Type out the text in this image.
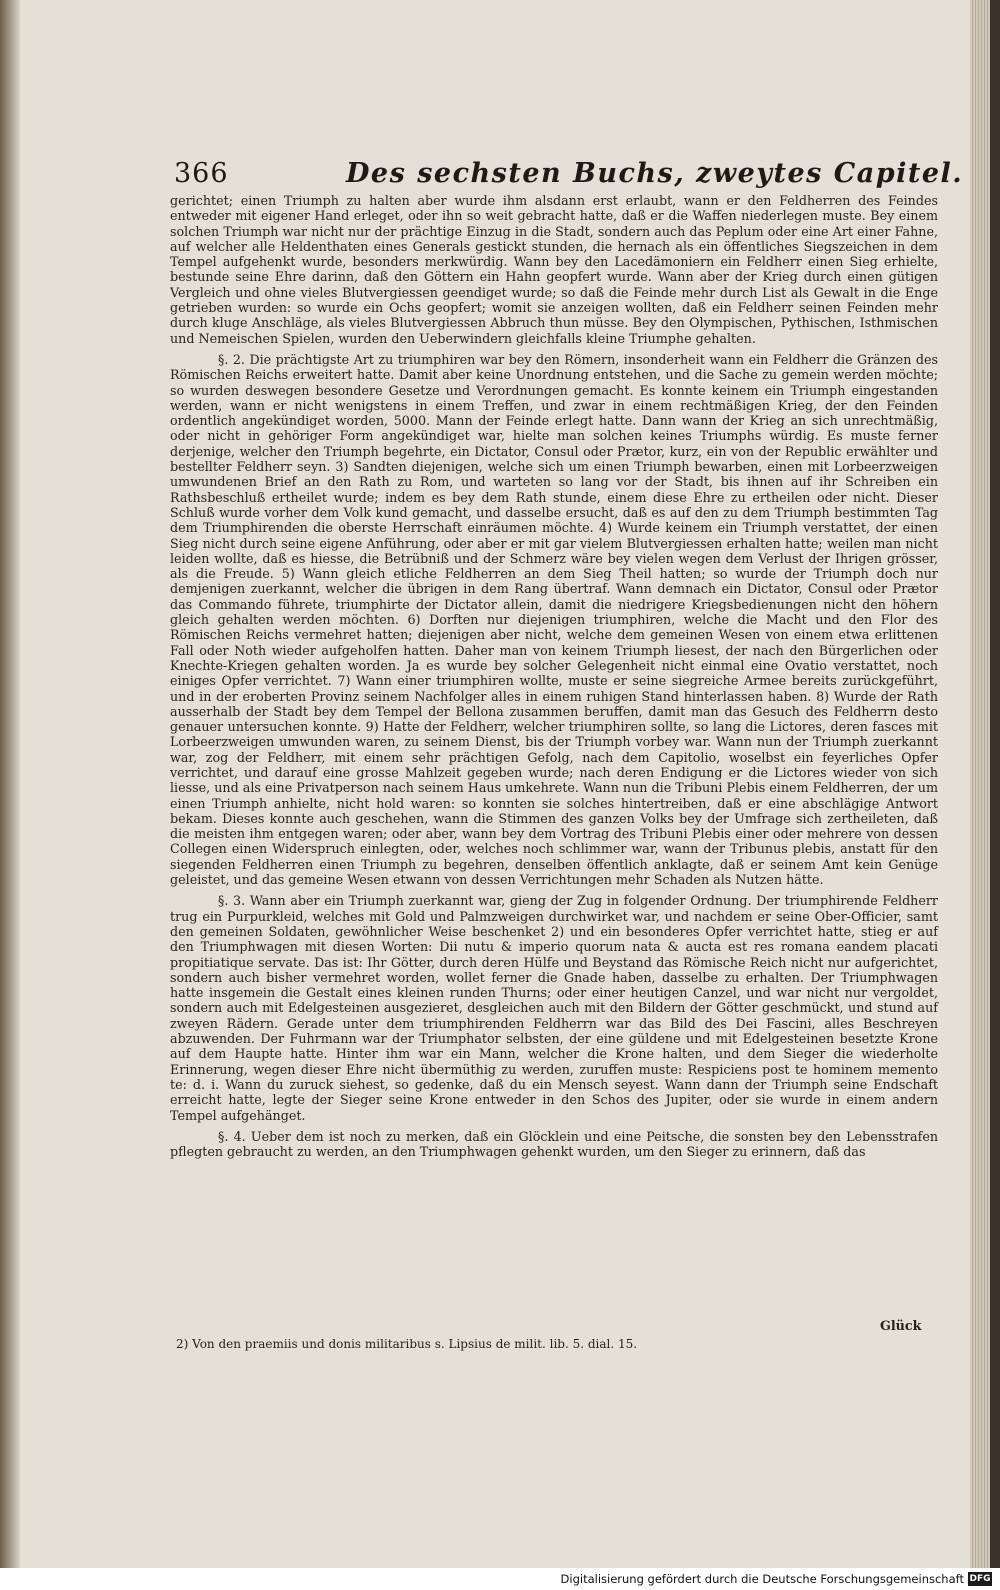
366	Des sechsten Buchs, zweytes Capitel.

gerichtet; einen Triumph zu halten aber wurde ihm alsdann erst erlaubt, wann er den Feldherren des Feindes entweder mit eigener Hand erleget, oder ihn so weit gebracht hatte, daß er die Waffen niederlegen muste. Bey einem solchen Triumph war nicht nur der prächtige Einzug in die Stadt, sondern auch das Peplum oder eine Art einer Fahne, auf welcher alle Heldenthaten eines Generals gestickt stunden, die hernach als ein öffentliches Siegszeichen in dem Tempel aufgehenkt wurde, besonders merkwürdig. Wann bey den Lacedämoniern ein Feldherr einen Sieg erhielte, bestunde seine Ehre darinn, daß den Göttern ein Hahn geopfert wurde. Wann aber der Krieg durch einen gütigen Vergleich und ohne vieles Blutvergiessen geendiget wurde; so daß die Feinde mehr durch List als Gewalt in die Enge getrieben wurden: so wurde ein Ochs geopfert; womit sie anzeigen wollten, daß ein Feldherr seinen Feinden mehr durch kluge Anschläge, als vieles Blutvergiessen Abbruch thun müsse. Bey den Olympischen, Pythischen, Isthmischen und Nemeischen Spielen, wurden den Ueberwindern gleichfalls kleine Triumphe gehalten.

§. 2. Die prächtigste Art zu triumphiren war bey den Römern, insonderheit wann ein Feldherr die Gränzen des Römischen Reichs erweitert hatte. Damit aber keine Unordnung entstehen, und die Sache zu gemein werden möchte; so wurden deswegen besondere Gesetze und Verordnungen gemacht. Es konnte keinem ein Triumph eingestanden werden, wann er nicht wenigstens in einem Treffen, und zwar in einem rechtmäßigen Krieg, der den Feinden ordentlich angekündiget worden, 5000. Mann der Feinde erlegt hatte. Dann wann der Krieg an sich unrechtmäßig, oder nicht in gehöriger Form angekündiget war, hielte man solchen keines Triumphs würdig. Es muste ferner derjenige, welcher den Triumph begehrte, ein Dictator, Consul oder Prætor, kurz, ein von der Republic erwählter und bestellter Feldherr seyn. 3) Sandten diejenigen, welche sich um einen Triumph bewarben, einen mit Lorbeerzweigen umwundenen Brief an den Rath zu Rom, und warteten so lang vor der Stadt, bis ihnen auf ihr Schreiben ein Rathsbeschluß ertheilet wurde; indem es bey dem Rath stunde, einem diese Ehre zu ertheilen oder nicht. Dieser Schluß wurde vorher dem Volk kund gemacht, und dasselbe ersucht, daß es auf den zu dem Triumph bestimmten Tag dem Triumphirenden die oberste Herrschaft einräumen möchte. 4) Wurde keinem ein Triumph verstattet, der einen Sieg nicht durch seine eigene Anführung, oder aber er mit gar vielem Blutvergiessen erhalten hatte; weilen man nicht leiden wollte, daß es hiesse, die Betrübniß und der Schmerz wäre bey vielen wegen dem Verlust der Ihrigen grösser, als die Freude. 5) Wann gleich etliche Feldherren an dem Sieg Theil hatten; so wurde der Triumph doch nur demjenigen zuerkannt, welcher die übrigen in dem Rang übertraf. Wann demnach ein Dictator, Consul oder Prætor das Commando führete, triumphirte der Dictator allein, damit die niedrigere Kriegsbedienungen nicht den höhern gleich gehalten werden möchten. 6) Dorften nur diejenigen triumphiren, welche die Macht und den Flor des Römischen Reichs vermehret hatten; diejenigen aber nicht, welche dem gemeinen Wesen von einem etwa erlittenen Fall oder Noth wieder aufgeholfen hatten. Daher man von keinem Triumph liesest, der nach den Bürgerlichen oder Knechte-Kriegen gehalten worden. Ja es wurde bey solcher Gelegenheit nicht einmal eine Ovatio verstattet, noch einiges Opfer verrichtet. 7) Wann einer triumphiren wollte, muste er seine siegreiche Armee bereits zurückgeführt, und in der eroberten Provinz seinem Nachfolger alles in einem ruhigen Stand hinterlassen haben. 8) Wurde der Rath ausserhalb der Stadt bey dem Tempel der Bellona zusammen beruffen, damit man das Gesuch des Feldherrn desto genauer untersuchen konnte. 9) Hatte der Feldherr, welcher triumphiren sollte, so lang die Lictores, deren fasces mit Lorbeerzweigen umwunden waren, zu seinem Dienst, bis der Triumph vorbey war. Wann nun der Triumph zuerkannt war, zog der Feldherr, mit einem sehr prächtigen Gefolg, nach dem Capitolio, woselbst ein feyerliches Opfer verrichtet, und darauf eine grosse Mahlzeit gegeben wurde; nach deren Endigung er die Lictores wieder von sich liesse, und als eine Privatperson nach seinem Haus umkehrete. Wann nun die Tribuni Plebis einem Feldherren, der um einen Triumph anhielte, nicht hold waren: so konnten sie solches hintertreiben, daß er eine abschlägige Antwort bekam. Dieses konnte auch geschehen, wann die Stimmen des ganzen Volks bey der Umfrage sich zertheileten, daß die meisten ihm entgegen waren; oder aber, wann bey dem Vortrag des Tribuni Plebis einer oder mehrere von dessen Collegen einen Widerspruch einlegten, oder, welches noch schlimmer war, wann der Tribunus plebis, anstatt für den siegenden Feldherren einen Triumph zu begehren, denselben öffentlich anklagte, daß er seinem Amt kein Genüge geleistet, und das gemeine Wesen etwann von dessen Verrichtungen mehr Schaden als Nutzen hätte.

§. 3. Wann aber ein Triumph zuerkannt war, gieng der Zug in folgender Ordnung. Der triumphirende Feldherr trug ein Purpurkleid, welches mit Gold und Palmzweigen durchwirket war, und nachdem er seine Ober-Officier, samt den gemeinen Soldaten, gewöhnlicher Weise beschenket 2) und ein besonderes Opfer verrichtet hatte, stieg er auf den Triumphwagen mit diesen Worten: Dii nutu & imperio quorum nata & aucta est res romana eandem placati propitiatique servate. Das ist: Ihr Götter, durch deren Hülfe und Beystand das Römische Reich nicht nur aufgerichtet, sondern auch bisher vermehret worden, wollet ferner die Gnade haben, dasselbe zu erhalten. Der Triumphwagen hatte insgemein die Gestalt eines kleinen runden Thurns; oder einer heutigen Canzel, und war nicht nur vergoldet, sondern auch mit Edelgesteinen ausgezieret, desgleichen auch mit den Bildern der Götter geschmückt, und stund auf zweyen Rädern. Gerade unter dem triumphirenden Feldherrn war das Bild des Dei Fascini, alles Beschreyen abzuwenden. Der Fuhrmann war der Triumphator selbsten, der eine güldene und mit Edelgesteinen besetzte Krone auf dem Haupte hatte. Hinter ihm war ein Mann, welcher die Krone halten, und dem Sieger die wiederholte Erinnerung, wegen dieser Ehre nicht übermüthig zu werden, zuruffen muste: Respiciens post te hominem memento te: d. i. Wann du zuruck siehest, so gedenke, daß du ein Mensch seyest. Wann dann der Triumph seine Endschaft erreicht hatte, legte der Sieger seine Krone entweder in den Schos des Jupiter, oder sie wurde in einem andern Tempel aufgehänget.

§. 4. Ueber dem ist noch zu merken, daß ein Glöcklein und eine Peitsche, die sonsten bey den Lebensstrafen pflegten gebraucht zu werden, an den Triumphwagen gehenkt wurden, um den Sieger zu erinnern, daß das

Glück
2) Von den praemiis und donis militaribus s. Lipsius de milit. lib. 5. dial. 15.
Digitalisierung gefördert durch die Deutsche Forschungsgemeinschaft DFG
